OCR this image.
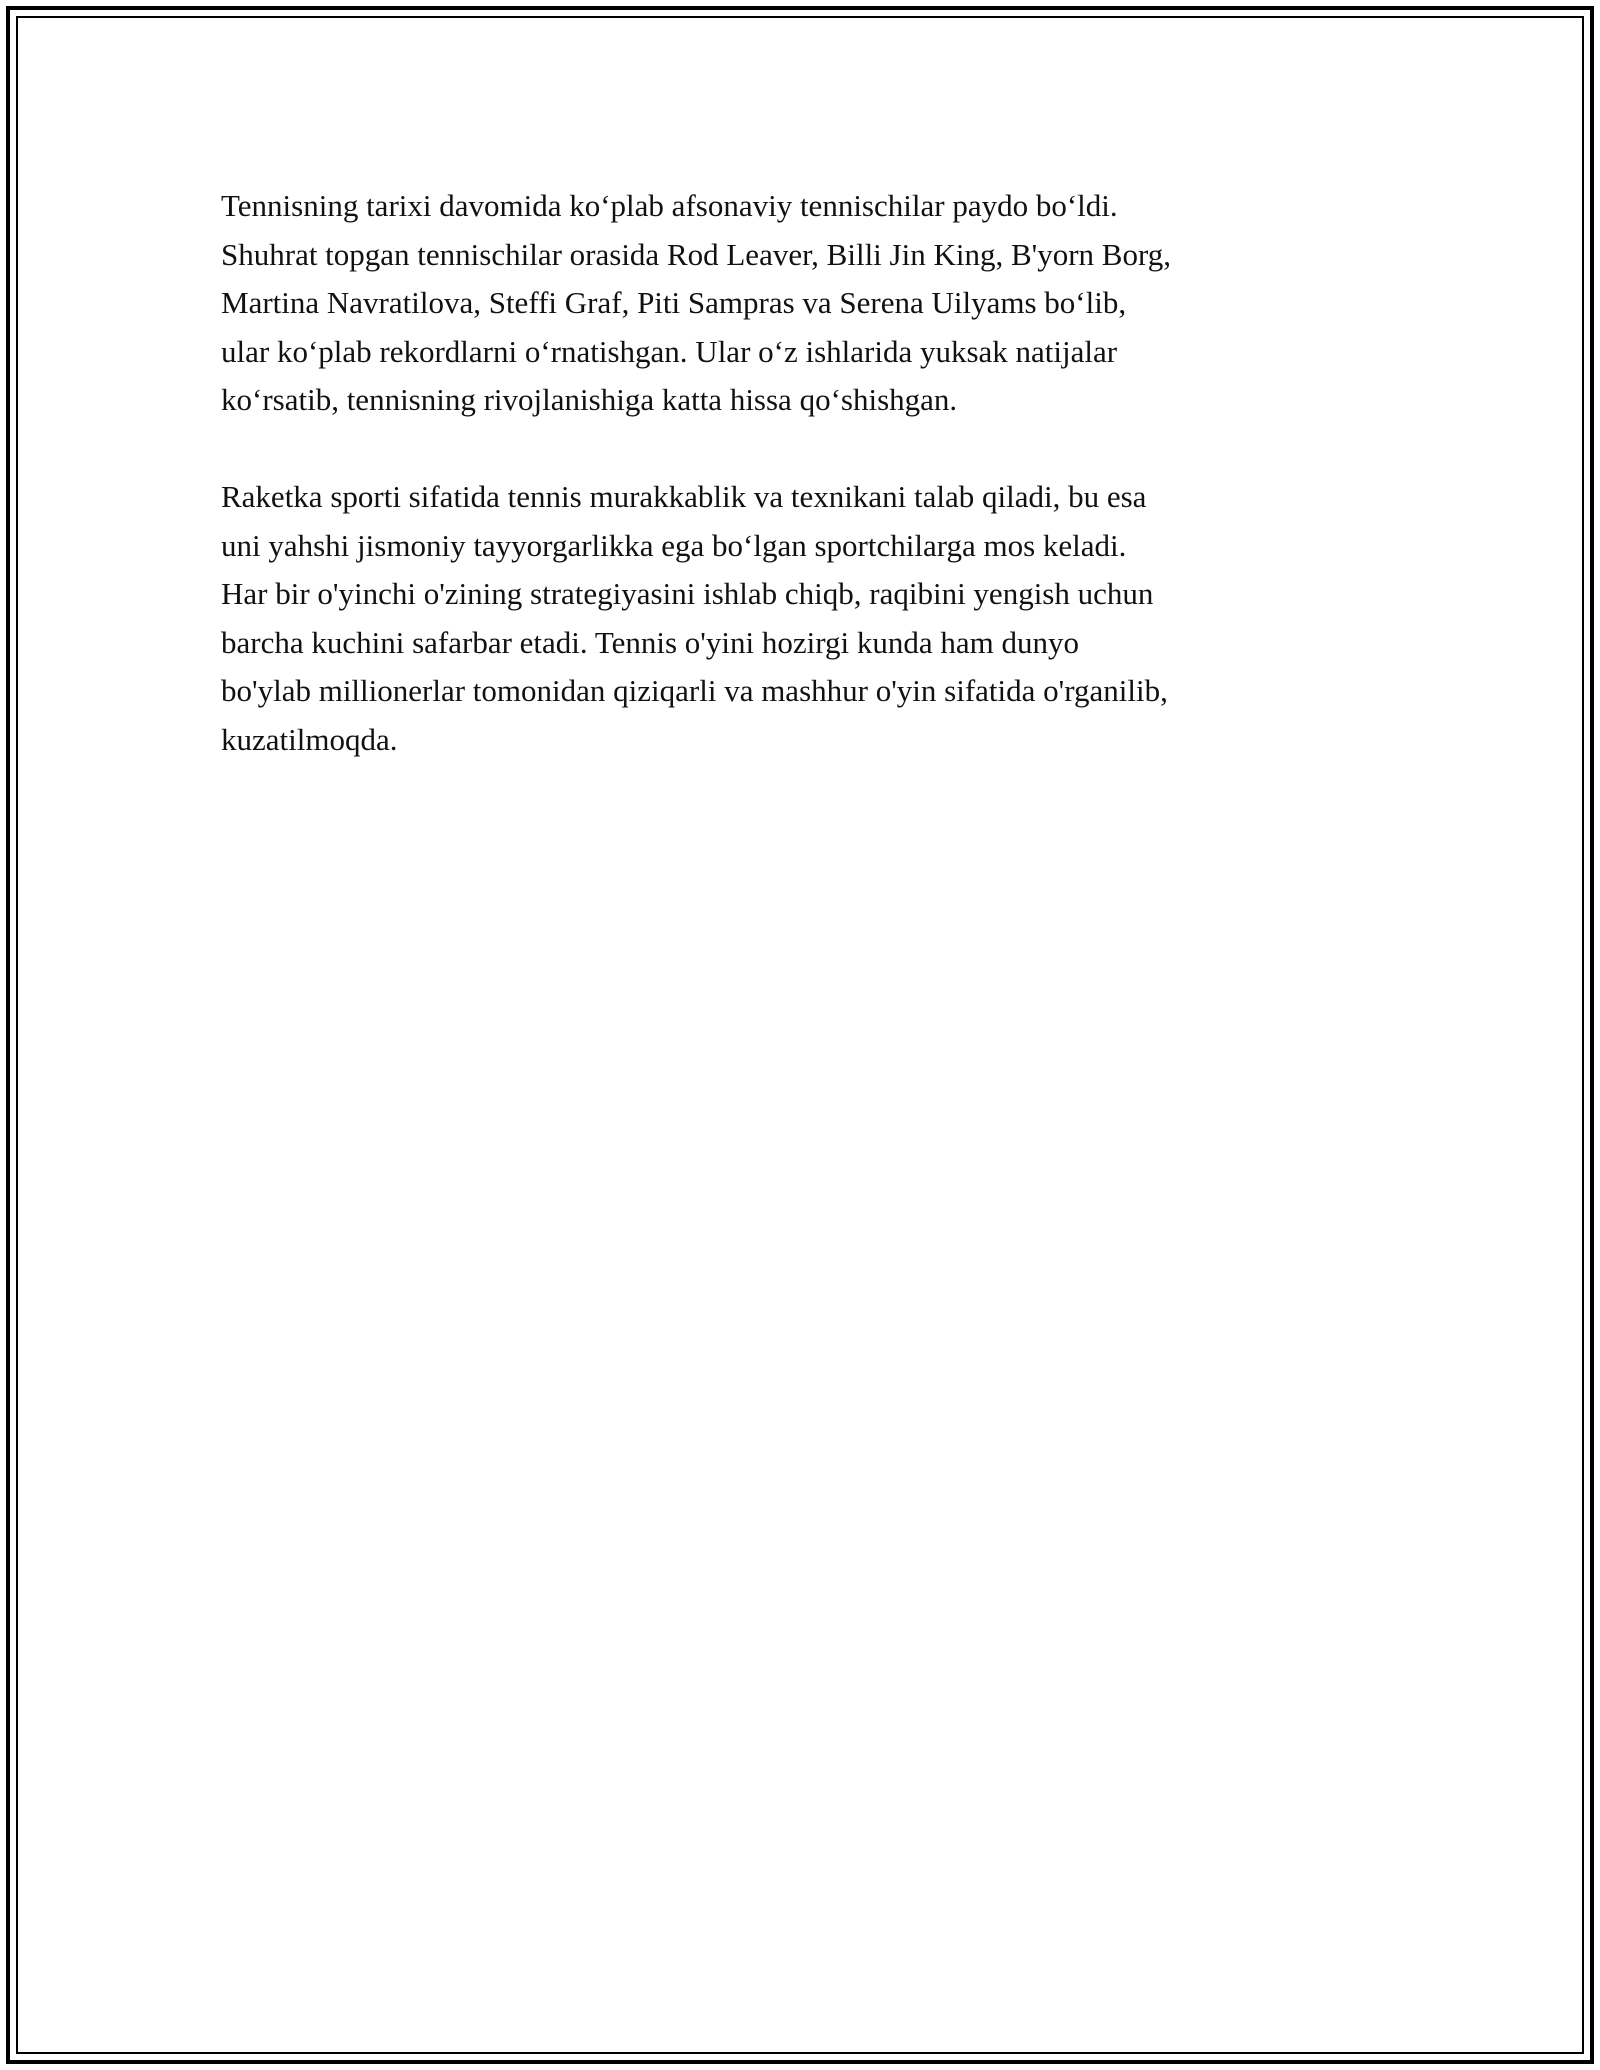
Tennisning tarixi davomida ko‘plab afsonaviy tennischilar paydo bo‘ldi.
Shuhrat topgan tennischilar orasida Rod Leaver, Billi Jin King, B'yorn Borg,
Martina Navratilova, Steffi Graf, Piti Sampras va Serena Uilyams bo‘lib,
ular ko‘plab rekordlarni o‘rnatishgan. Ular o‘z ishlarida yuksak natijalar
ko‘rsatib, tennisning rivojlanishiga katta hissa qo‘shishgan.

Raketka sporti sifatida tennis murakkablik va texnikani talab qiladi, bu esa
uni yahshi jismoniy tayyorgarlikka ega bo‘lgan sportchilarga mos keladi.
Har bir o'yinchi o'zining strategiyasini ishlab chiqb, raqibini yengish uchun
barcha kuchini safarbar etadi. Tennis o'yini hozirgi kunda ham dunyo
bo'ylab millionerlar tomonidan qiziqarli va mashhur o'yin sifatida o'rganilib,
kuzatilmoqda.
